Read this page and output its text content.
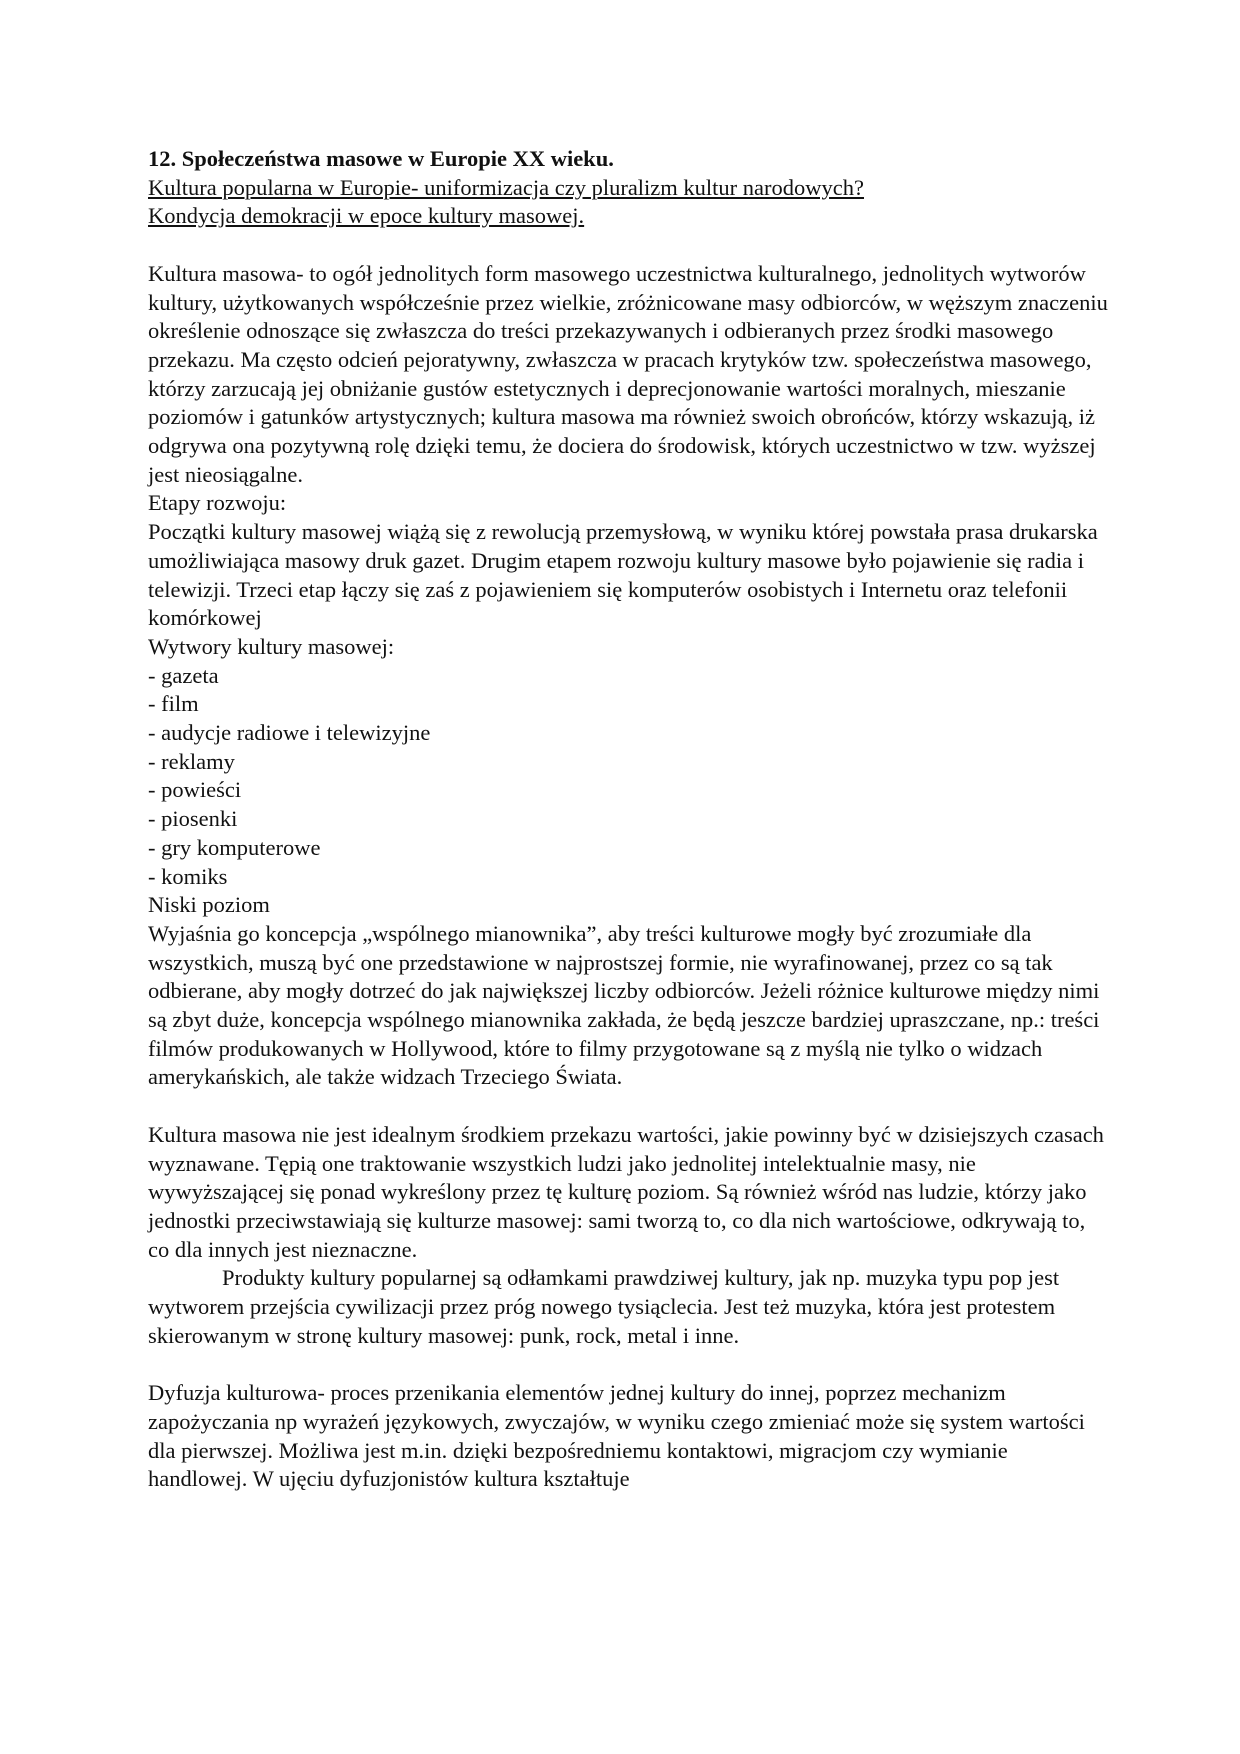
12. Społeczeństwa masowe w Europie XX wieku.

Kultura popularna w Europie- uniformizacja czy pluralizm kultur narodowych?

Kondycja demokracji w epoce kultury masowej.

Kultura masowa- to ogół jednolitych form masowego uczestnictwa kulturalnego, jednolitych wytworów kultury, użytkowanych współcześnie przez wielkie, zróżnicowane masy odbiorców, w węższym znaczeniu określenie odnoszące się zwłaszcza do treści przekazywanych i odbieranych przez środki masowego przekazu. Ma często odcień pejoratywny, zwłaszcza w pracach krytyków tzw. społeczeństwa masowego, którzy zarzucają jej obniżanie gustów estetycznych i deprecjonowanie wartości moralnych, mieszanie poziomów i gatunków artystycznych; kultura masowa ma również swoich obrońców, którzy wskazują, iż odgrywa ona pozytywną rolę dzięki temu, że dociera do środowisk, których uczestnictwo w tzw. wyższej jest nieosiągalne.

Etapy rozwoju:

Początki kultury masowej wiążą się z rewolucją przemysłową, w wyniku której powstała prasa drukarska umożliwiająca masowy druk gazet. Drugim etapem rozwoju kultury masowe było pojawienie się radia i telewizji. Trzeci etap łączy się zaś z pojawieniem się komputerów osobistych i Internetu oraz telefonii komórkowej

Wytwory kultury masowej:

- gazeta
- film
- audycje radiowe i telewizyjne
- reklamy
- powieści
- piosenki
- gry komputerowe
- komiks

Niski poziom

Wyjaśnia go koncepcja „wspólnego mianownika”, aby treści kulturowe mogły być zrozumiałe dla wszystkich, muszą być one przedstawione w najprostszej formie, nie wyrafinowanej, przez co są tak odbierane, aby mogły dotrzeć do jak największej liczby odbiorców. Jeżeli różnice kulturowe między nimi są zbyt duże, koncepcja wspólnego mianownika zakłada, że będą jeszcze bardziej upraszczane, np.: treści filmów produkowanych w Hollywood, które to filmy przygotowane są z myślą nie tylko o widzach amerykańskich, ale także widzach Trzeciego Świata.

Kultura masowa nie jest idealnym środkiem przekazu wartości, jakie powinny być w dzisiejszych czasach wyznawane. Tępią one traktowanie wszystkich ludzi jako jednolitej intelektualnie masy, nie wywyższającej się ponad wykreślony przez tę kulturę poziom. Są również wśród nas ludzie, którzy jako jednostki przeciwstawiają się kulturze masowej: sami tworzą to, co dla nich wartościowe, odkrywają to, co dla innych jest nieznaczne.

Produkty kultury popularnej są odłamkami prawdziwej kultury, jak np. muzyka typu pop jest wytworem przejścia cywilizacji przez próg nowego tysiąclecia. Jest też muzyka, która jest protestem skierowanym w stronę kultury masowej: punk, rock, metal i inne.

Dyfuzja kulturowa- proces przenikania elementów jednej kultury do innej, poprzez mechanizm zapożyczania np wyrażeń językowych, zwyczajów, w wyniku czego zmieniać może się system wartości dla pierwszej. Możliwa jest m.in. dzięki bezpośredniemu kontaktowi, migracjom czy wymianie handlowej. W ujęciu dyfuzjonistów kultura kształtuje
